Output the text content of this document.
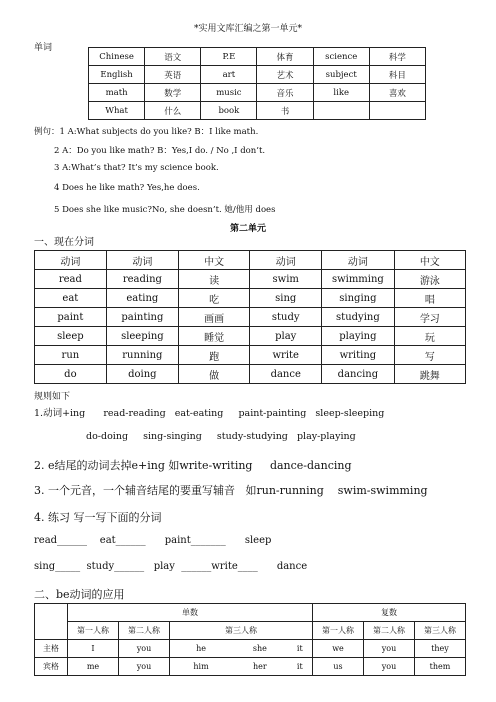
*实用文库汇编之第一单元*
单词
Chinese	语文	P.E	体育	science	科学
English	英语	art	艺术	subject	科目
math	数学	music	音乐	like	喜欢
What	什么	book	书		
例句：1 A:What subjects do you like? B：I like math.
2 A：Do you like math? B：Yes,I do. / No ,I don’t.
3 A:What’s that? It’s my science book.
4 Does he like math? Yes,he does.
5 Does she like music?No, she doesn’t. 她/他用 does
第二单元
一、现在分词
动词	动词	中文	动词	动词	中文
read	reading	读	swim	swimming	游泳
eat	eating	吃	sing	singing	唱
paint	painting	画画	study	studying	学习
sleep	sleeping	睡觉	play	playing	玩
run	running	跑	write	writing	写
do	doing	做	dance	dancing	跳舞
规则如下
1.动词+ing      read-reading   eat-eating     paint-painting   sleep-sleeping
do-doing     sing-singing     study-studying   play-playing
2. e结尾的动词去掉e+ing 如write-writing     dance-dancing
3. 一个元音，一个辅音结尾的要重写辅音   如run-running    swim-swimming
4. 练习 写一写下面的分词
read______    eat______      paint_______      sleep
sing_____  study______   play  ______write____      dance
二、be动词的应用
	单数					复数		
	第一人称	第二人称	第三人称			第一人称	第二人称	第三人称
主格	I	you	he	she	it	we	you	they
宾格	me	you	him	her	it	us	you	them
